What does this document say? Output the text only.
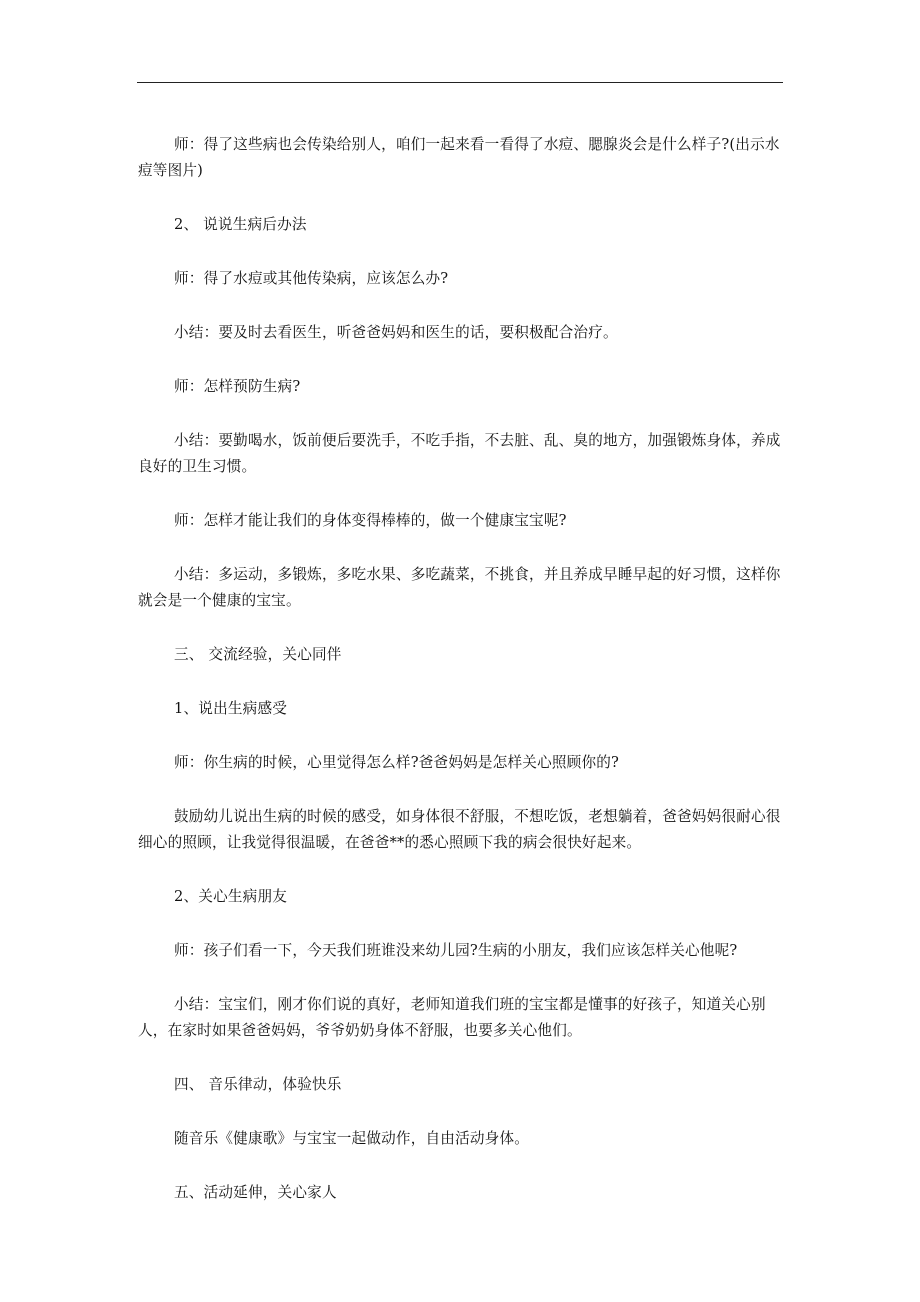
师：得了这些病也会传染给别人，咱们一起来看一看得了水痘、腮腺炎会是什么样子?(出示水痘等图片)

2、 说说生病后办法

师：得了水痘或其他传染病，应该怎么办?

小结：要及时去看医生，听爸爸妈妈和医生的话，要积极配合治疗。

师：怎样预防生病?

小结：要勤喝水，饭前便后要洗手，不吃手指，不去脏、乱、臭的地方，加强锻炼身体，养成良好的卫生习惯。

师：怎样才能让我们的身体变得棒棒的，做一个健康宝宝呢?

小结：多运动，多锻炼，多吃水果、多吃蔬菜，不挑食，并且养成早睡早起的好习惯，这样你就会是一个健康的宝宝。

三、 交流经验，关心同伴

1、说出生病感受

师：你生病的时候，心里觉得怎么样?爸爸妈妈是怎样关心照顾你的?

鼓励幼儿说出生病的时候的感受，如身体很不舒服，不想吃饭，老想躺着，爸爸妈妈很耐心很细心的照顾，让我觉得很温暖，在爸爸**的悉心照顾下我的病会很快好起来。

2、关心生病朋友

师：孩子们看一下，今天我们班谁没来幼儿园?生病的小朋友，我们应该怎样关心他呢?

小结：宝宝们，刚才你们说的真好，老师知道我们班的宝宝都是懂事的好孩子，知道关心别人，在家时如果爸爸妈妈，爷爷奶奶身体不舒服，也要多关心他们。

四、 音乐律动，体验快乐

随音乐《健康歌》与宝宝一起做动作，自由活动身体。

五、活动延伸，关心家人
